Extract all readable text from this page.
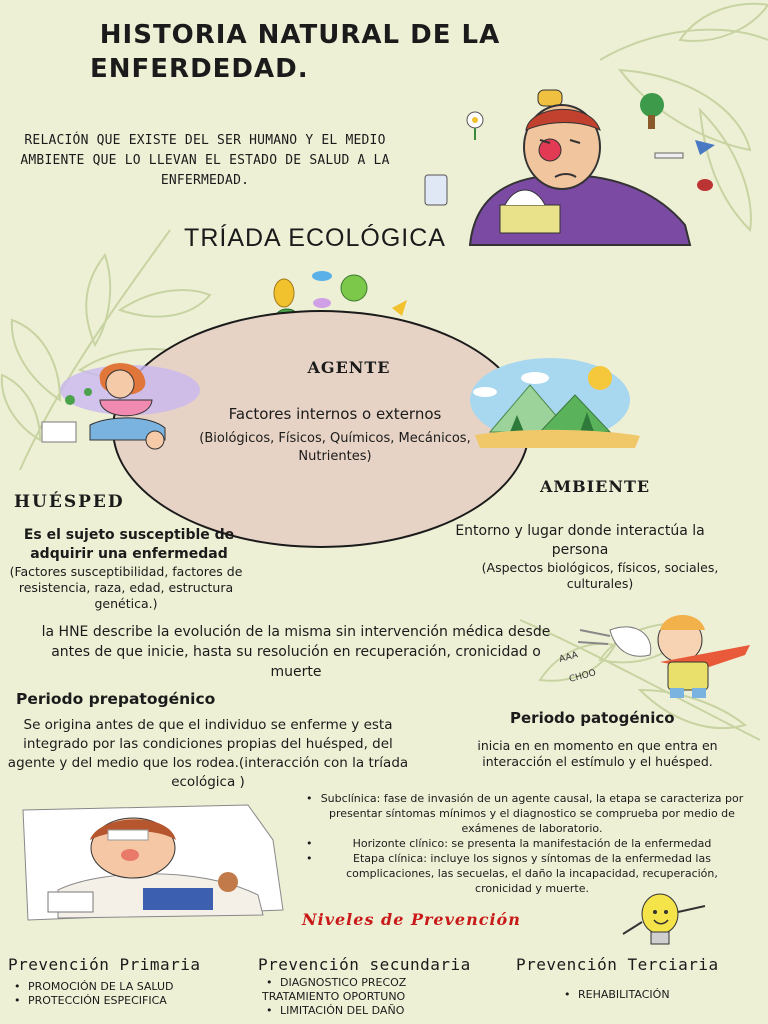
HISTORIA NATURAL DE LA
ENFERDEDAD.
RELACIÓN QUE EXISTE DEL SER HUMANO Y EL MEDIO AMBIENTE QUE LO LLEVAN EL ESTADO DE SALUD A LA ENFERMEDAD.
TRÍADA ECOLÓGICA
AGENTE
Factores internos o externos
(Biológicos, Físicos, Químicos, Mecánicos, Nutrientes)
HUÉSPED
Es el sujeto susceptible de adquirir una enfermedad
(Factores susceptibilidad, factores de resistencia, raza, edad, estructura genética.)
AMBIENTE
Entorno y lugar donde interactúa la persona
(Aspectos biológicos, físicos, sociales, culturales)
la HNE describe la evolución de la misma sin intervención médica desde antes de que inicie, hasta su resolución en recuperación, cronicidad o muerte
AAA
CHOO
Periodo prepatogénico
Se origina antes de que el individuo se enferme y esta integrado por las condiciones propias del huésped, del agente y del medio que los rodea.(interacción con la tríada ecológica )
Periodo patogénico
inicia en en momento en que entra en interacción el estímulo y el huésped.
• Subclínica: fase de invasión de un agente causal, la etapa se caracteriza por presentar síntomas mínimos y el diagnostico se comprueba por medio de exámenes de laboratorio.
• Horizonte clínico: se presenta la manifestación de la enfermedad
• Etapa clínica: incluye los signos y síntomas de la enfermedad las complicaciones, las secuelas, el daño la incapacidad, recuperación, cronicidad y muerte.
Niveles de Prevención
Prevención Primaria	Prevención secundaria	Prevención Terciaria
• PROMOCIÓN DE LA SALUD
• PROTECCIÓN ESPECIFICA
• DIAGNOSTICO PRECOZ
TRATAMIENTO OPORTUNO
• LIMITACIÓN DEL DAÑO
• REHABILITACIÓN
